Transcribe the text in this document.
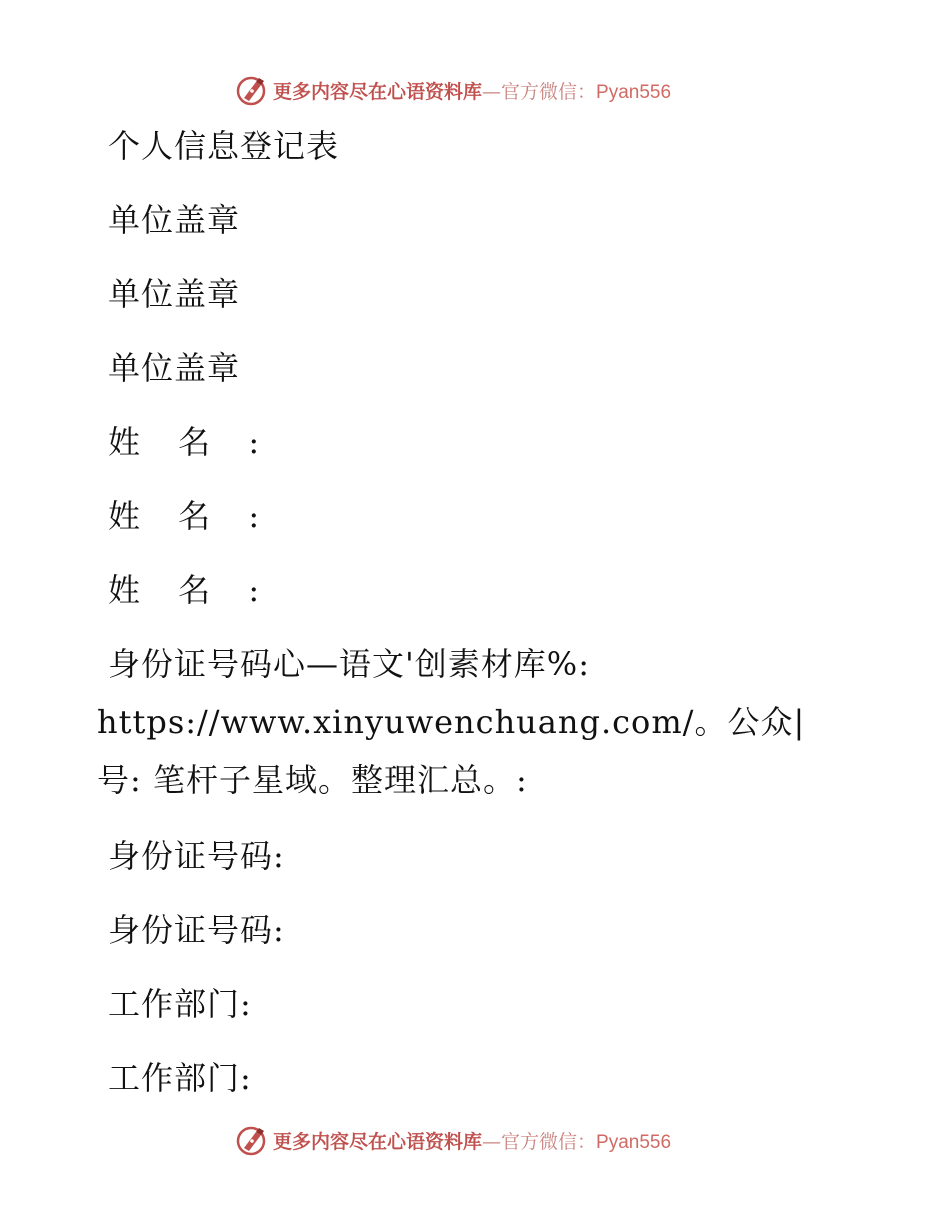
更多内容尽在心语资料库—官方微信：Pyan556
个人信息登记表
单位盖章
单位盖章
单位盖章
姓 名 :
姓 名 :
姓 名 :
身份证号码心—语文'创素材库%: https://www.xinyuwenchuang.com/。公众|号: 笔杆子星域。整理汇总。:
身份证号码:
身份证号码:
工作部门:
工作部门:
更多内容尽在心语资料库—官方微信：Pyan556
